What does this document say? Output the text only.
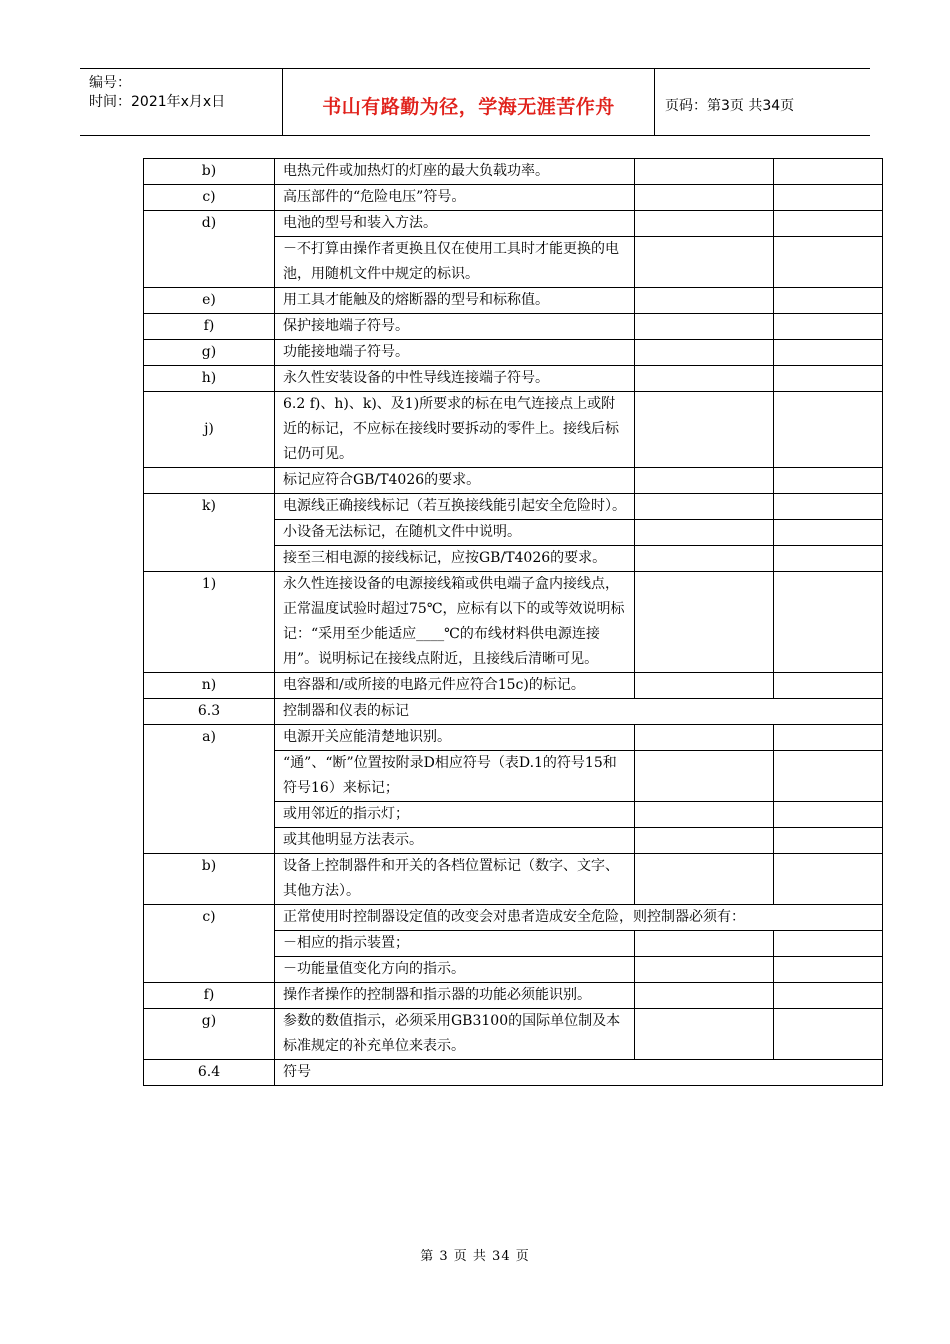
编号：
时间：2021年x月x日	书山有路勤为径，学海无涯苦作舟	页码：第3页 共34页
b)	电热元件或加热灯的灯座的最大负载功率。		
c)	高压部件的“危险电压”符号。		
d)	电池的型号和装入方法。		
	－不打算由操作者更换且仅在使用工具时才能更换的电池，用随机文件中规定的标识。		
e)	用工具才能触及的熔断器的型号和标称值。		
f)	保护接地端子符号。		
g)	功能接地端子符号。		
h)	永久性安装设备的中性导线连接端子符号。		
j)	6.2 f)、h)、k)、及1)所要求的标在电气连接点上或附近的标记，不应标在接线时要拆动的零件上。接线后标记仍可见。		
	标记应符合GB/T4026的要求。		
k)	电源线正确接线标记（若互换接线能引起安全危险时）。		
	小设备无法标记，在随机文件中说明。		
	接至三相电源的接线标记，应按GB/T4026的要求。		
1)	永久性连接设备的电源接线箱或供电端子盒内接线点，正常温度试验时超过75℃，应标有以下的或等效说明标记：“采用至少能适应____℃的布线材料供电源连接用”。说明标记在接线点附近，且接线后清晰可见。		
n)	电容器和/或所接的电路元件应符合15c)的标记。		
6.3	控制器和仪表的标记		
a)	电源开关应能清楚地识别。		
	“通”、“断”位置按附录D相应符号（表D.1的符号15和符号16）来标记；		
	或用邻近的指示灯；		
	或其他明显方法表示。		
b)	设备上控制器件和开关的各档位置标记（数字、文字、其他方法）。		
c)	正常使用时控制器设定值的改变会对患者造成安全危险，则控制器必须有：		
	－相应的指示装置；		
	－功能量值变化方向的指示。		
f)	操作者操作的控制器和指示器的功能必须能识别。		
g)	参数的数值指示，必须采用GB3100的国际单位制及本标准规定的补充单位来表示。		
6.4	符号		
第 3 页 共 34 页
